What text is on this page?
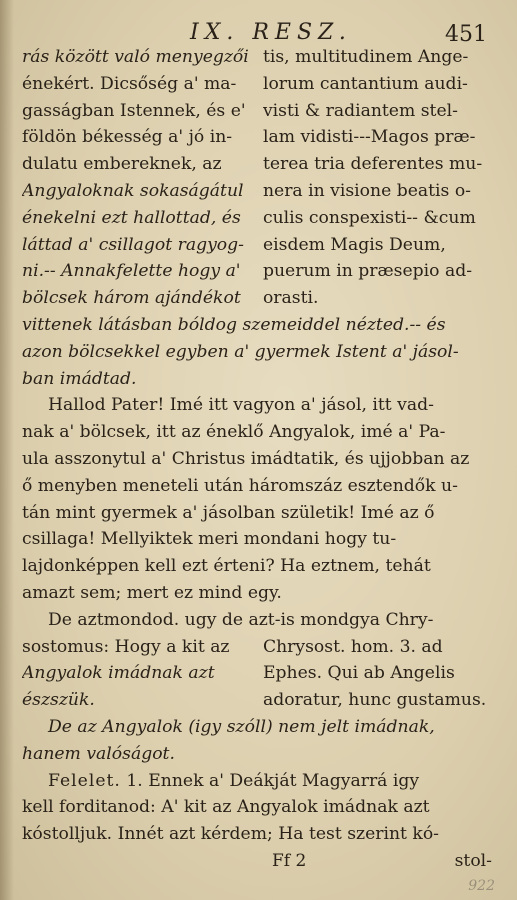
IX. RESZ.	451
rás között való menyegzői
énekért. Dicsőség a' ma-
gasságban Istennek, és e'
földön békesség a' jó in-
dulatu embereknek, az
Angyaloknak sokaságátul
énekelni ezt hallottad, és
láttad a' csillagot ragyog-
ni.-- Annakfelette hogy a'
bölcsek három ajándékot
tis, multitudinem Ange-
lorum cantantium audi-
visti & radiantem stel-
lam vidisti---Magos præ-
terea tria deferentes mu-
nera in visione beatis o-
culis conspexisti-- &cum
eisdem Magis Deum,
puerum in præsepio ad-
orasti.
vittenek látásban bóldog szemeiddel nézted.-- és
azon bölcsekkel egyben a' gyermek Istent a' jásol-
ban imádtad.
Hallod Pater! Imé itt vagyon a' jásol, itt vad-
nak a' bölcsek, itt az éneklő Angyalok, imé a' Pa-
ula asszonytul a' Christus imádtatik, és ujjobban az
ő menyben meneteli után háromszáz esztendők u-
tán mint gyermek a' jásolban születik! Imé az ő
csillaga! Mellyiktek meri mondani hogy tu-
lajdonképpen kell ezt érteni? Ha eztnem, tehát
amazt sem; mert ez mind egy.
De aztmondod. ugy de azt-is mondgya Chry-
sostomus: Hogy a kit az
Angyalok imádnak azt
észszük.
Chrysost. hom. 3. ad
Ephes. Qui ab Angelis
adoratur, hunc gustamus.
De az Angyalok (igy szóll) nem jelt imádnak,
hanem valóságot.
Felelet. 1. Ennek a' Deákját Magyarrá igy
kell forditanod: A' kit az Angyalok imádnak azt
kóstolljuk. Innét azt kérdem; Ha test szerint kó-
Ff 2	stol-
922
